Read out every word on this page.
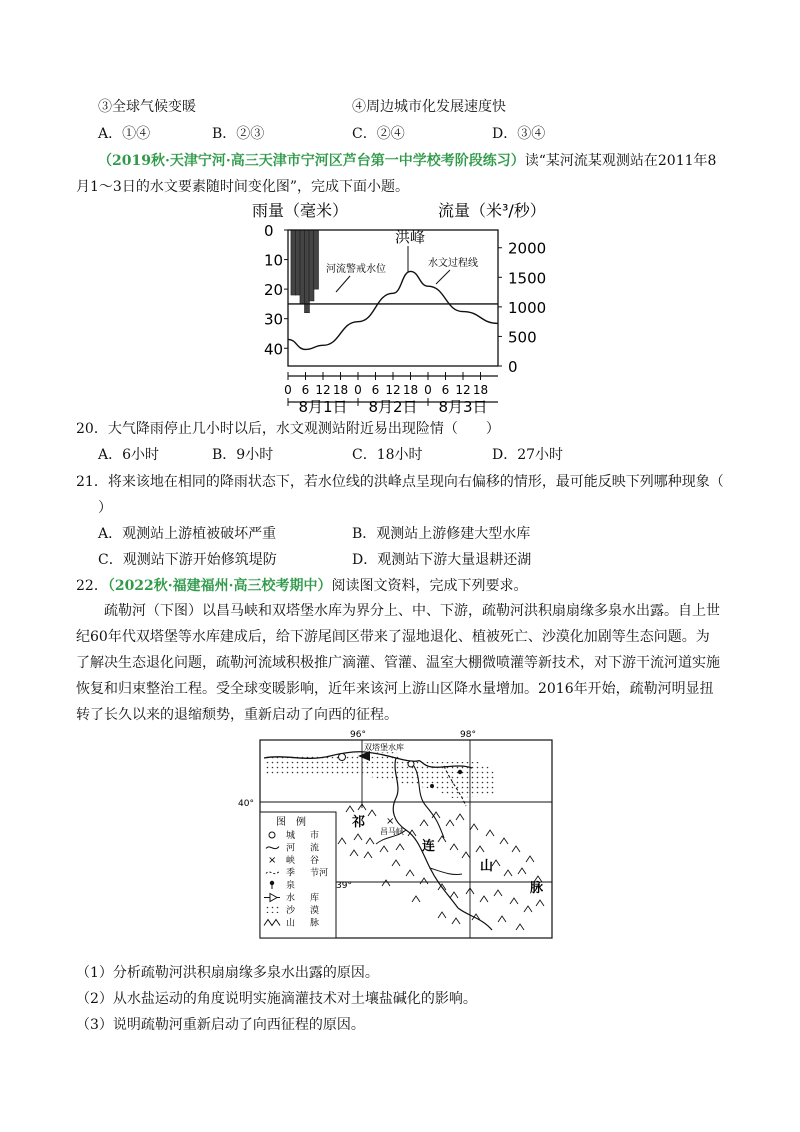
③全球气候变暖	④周边城市化发展速度快
A．①④	B．②③	C．②④	D．③④
（2019秋·天津宁河·高三天津市宁河区芦台第一中学校考阶段练习）读“某河流某观测站在2011年8
月1～3日的水文要素随时间变化图”，完成下面小题。
雨量（毫米）	流量（米³/秒）
0
10
20
30
40
2000
1500
1000
500
0
洪峰
河流警戒水位
水文过程线
0 6 12 18 0 6 12 18 0 6 12 18
8月1日 8月2日 8月3日
20．大气降雨停止几小时以后，水文观测站附近易出现险情（　　）
A．6小时	B．9小时	C．18小时	D．27小时
21．将来该地在相同的降雨状态下，若水位线的洪峰点呈现向右偏移的情形，最可能反映下列哪种现象（
）
A．观测站上游植被破坏严重	B．观测站上游修建大型水库
C．观测站下游开始修筑堤防	D．观测站下游大量退耕还湖
22．（2022秋·福建福州·高三校考期中）阅读图文资料，完成下列要求。
疏勒河（下图）以昌马峡和双塔堡水库为界分上、中、下游，疏勒河洪积扇扇缘多泉水出露。自上世纪60年代双塔堡等水库建成后，给下游尾闾区带来了湿地退化、植被死亡、沙漠化加剧等生态问题。为了解决生态退化问题，疏勒河流域积极推广滴灌、管灌、温室大棚微喷灌等新技术，对下游干流河道实施恢复和归束整治工程。受全球变暖影响，近年来该河上游山区降水量增加。2016年开始，疏勒河明显扭转了长久以来的退缩颓势，重新启动了向西的征程。
96°	98°
40°
39°
双塔堡水库
×
昌马峡
祁
连
山
脉
图　例
城 市
河 流
× 峡 谷
季 节河
泉
水 库
沙 漠
山 脉
（1）分析疏勒河洪积扇扇缘多泉水出露的原因。
（2）从水盐运动的角度说明实施滴灌技术对土壤盐碱化的影响。
（3）说明疏勒河重新启动了向西征程的原因。
